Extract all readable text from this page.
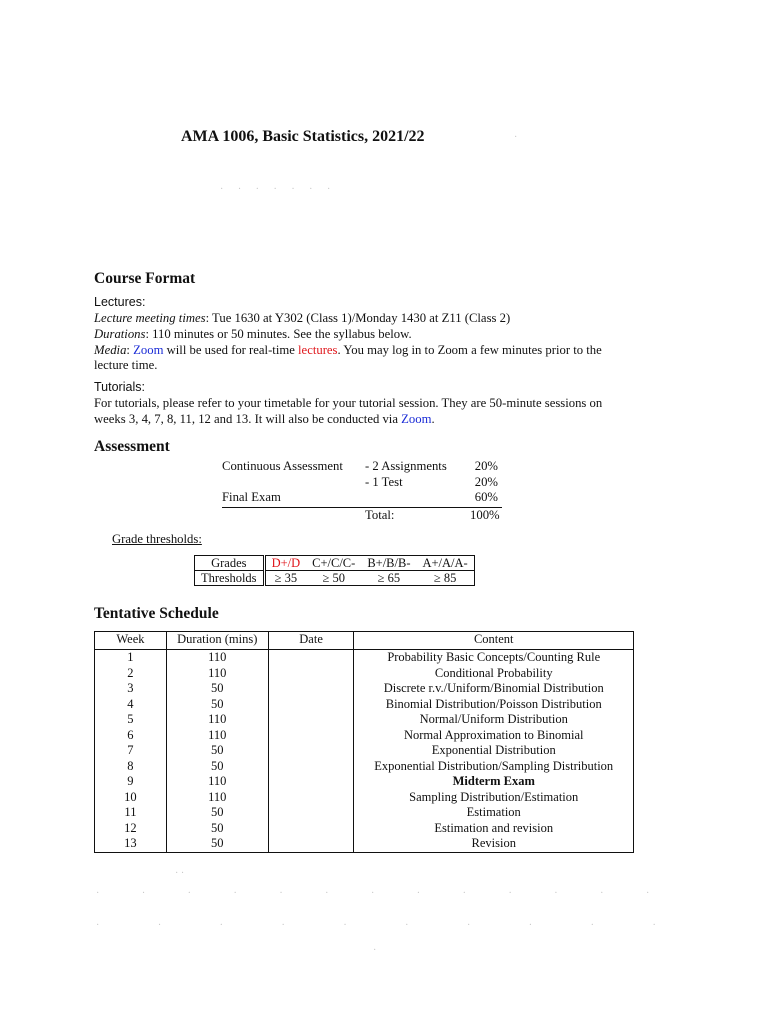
AMA 1006, Basic Statistics, 2021/22	·
· · · · · · ·
Course Format
Lectures:
Lecture meeting times: Tue 1630 at Y302 (Class 1)/Monday 1430 at Z11 (Class 2)
Durations: 110 minutes or 50 minutes. See the syllabus below.
Media: Zoom will be used for real-time lectures. You may log in to Zoom a few minutes prior to the lecture time.
Tutorials:
For tutorials, please refer to your timetable for your tutorial session. They are 50-minute sessions on weeks 3, 4, 7, 8, 11, 12 and 13. It will also be conducted via Zoom.
Assessment
Continuous Assessment - 2 Assignments	20%
- 1 Test	20%
Final Exam	60%
Total:	100%
Grade thresholds:
Grades	D+/D	C+/C/C-	B+/B/B-	A+/A/A-
Thresholds	≥ 35	≥ 50	≥ 65	≥ 85
Tentative Schedule
Week	Duration (mins)	Date	Content
1	110		Probability Basic Concepts/Counting Rule
2	110		Conditional Probability
3	50		Discrete r.v./Uniform/Binomial Distribution
4	50		Binomial Distribution/Poisson Distribution
5	110		Normal/Uniform Distribution
6	110		Normal Approximation to Binomial
7	50		Exponential Distribution
8	50		Exponential Distribution/Sampling Distribution
9	110		Midterm Exam
10	110		Sampling Distribution/Estimation
11	50		Estimation
12	50		Estimation and revision
13	50		Revision
· ·
· · · · · · · · · · · · ·
· · · · · · · · · ·
·
